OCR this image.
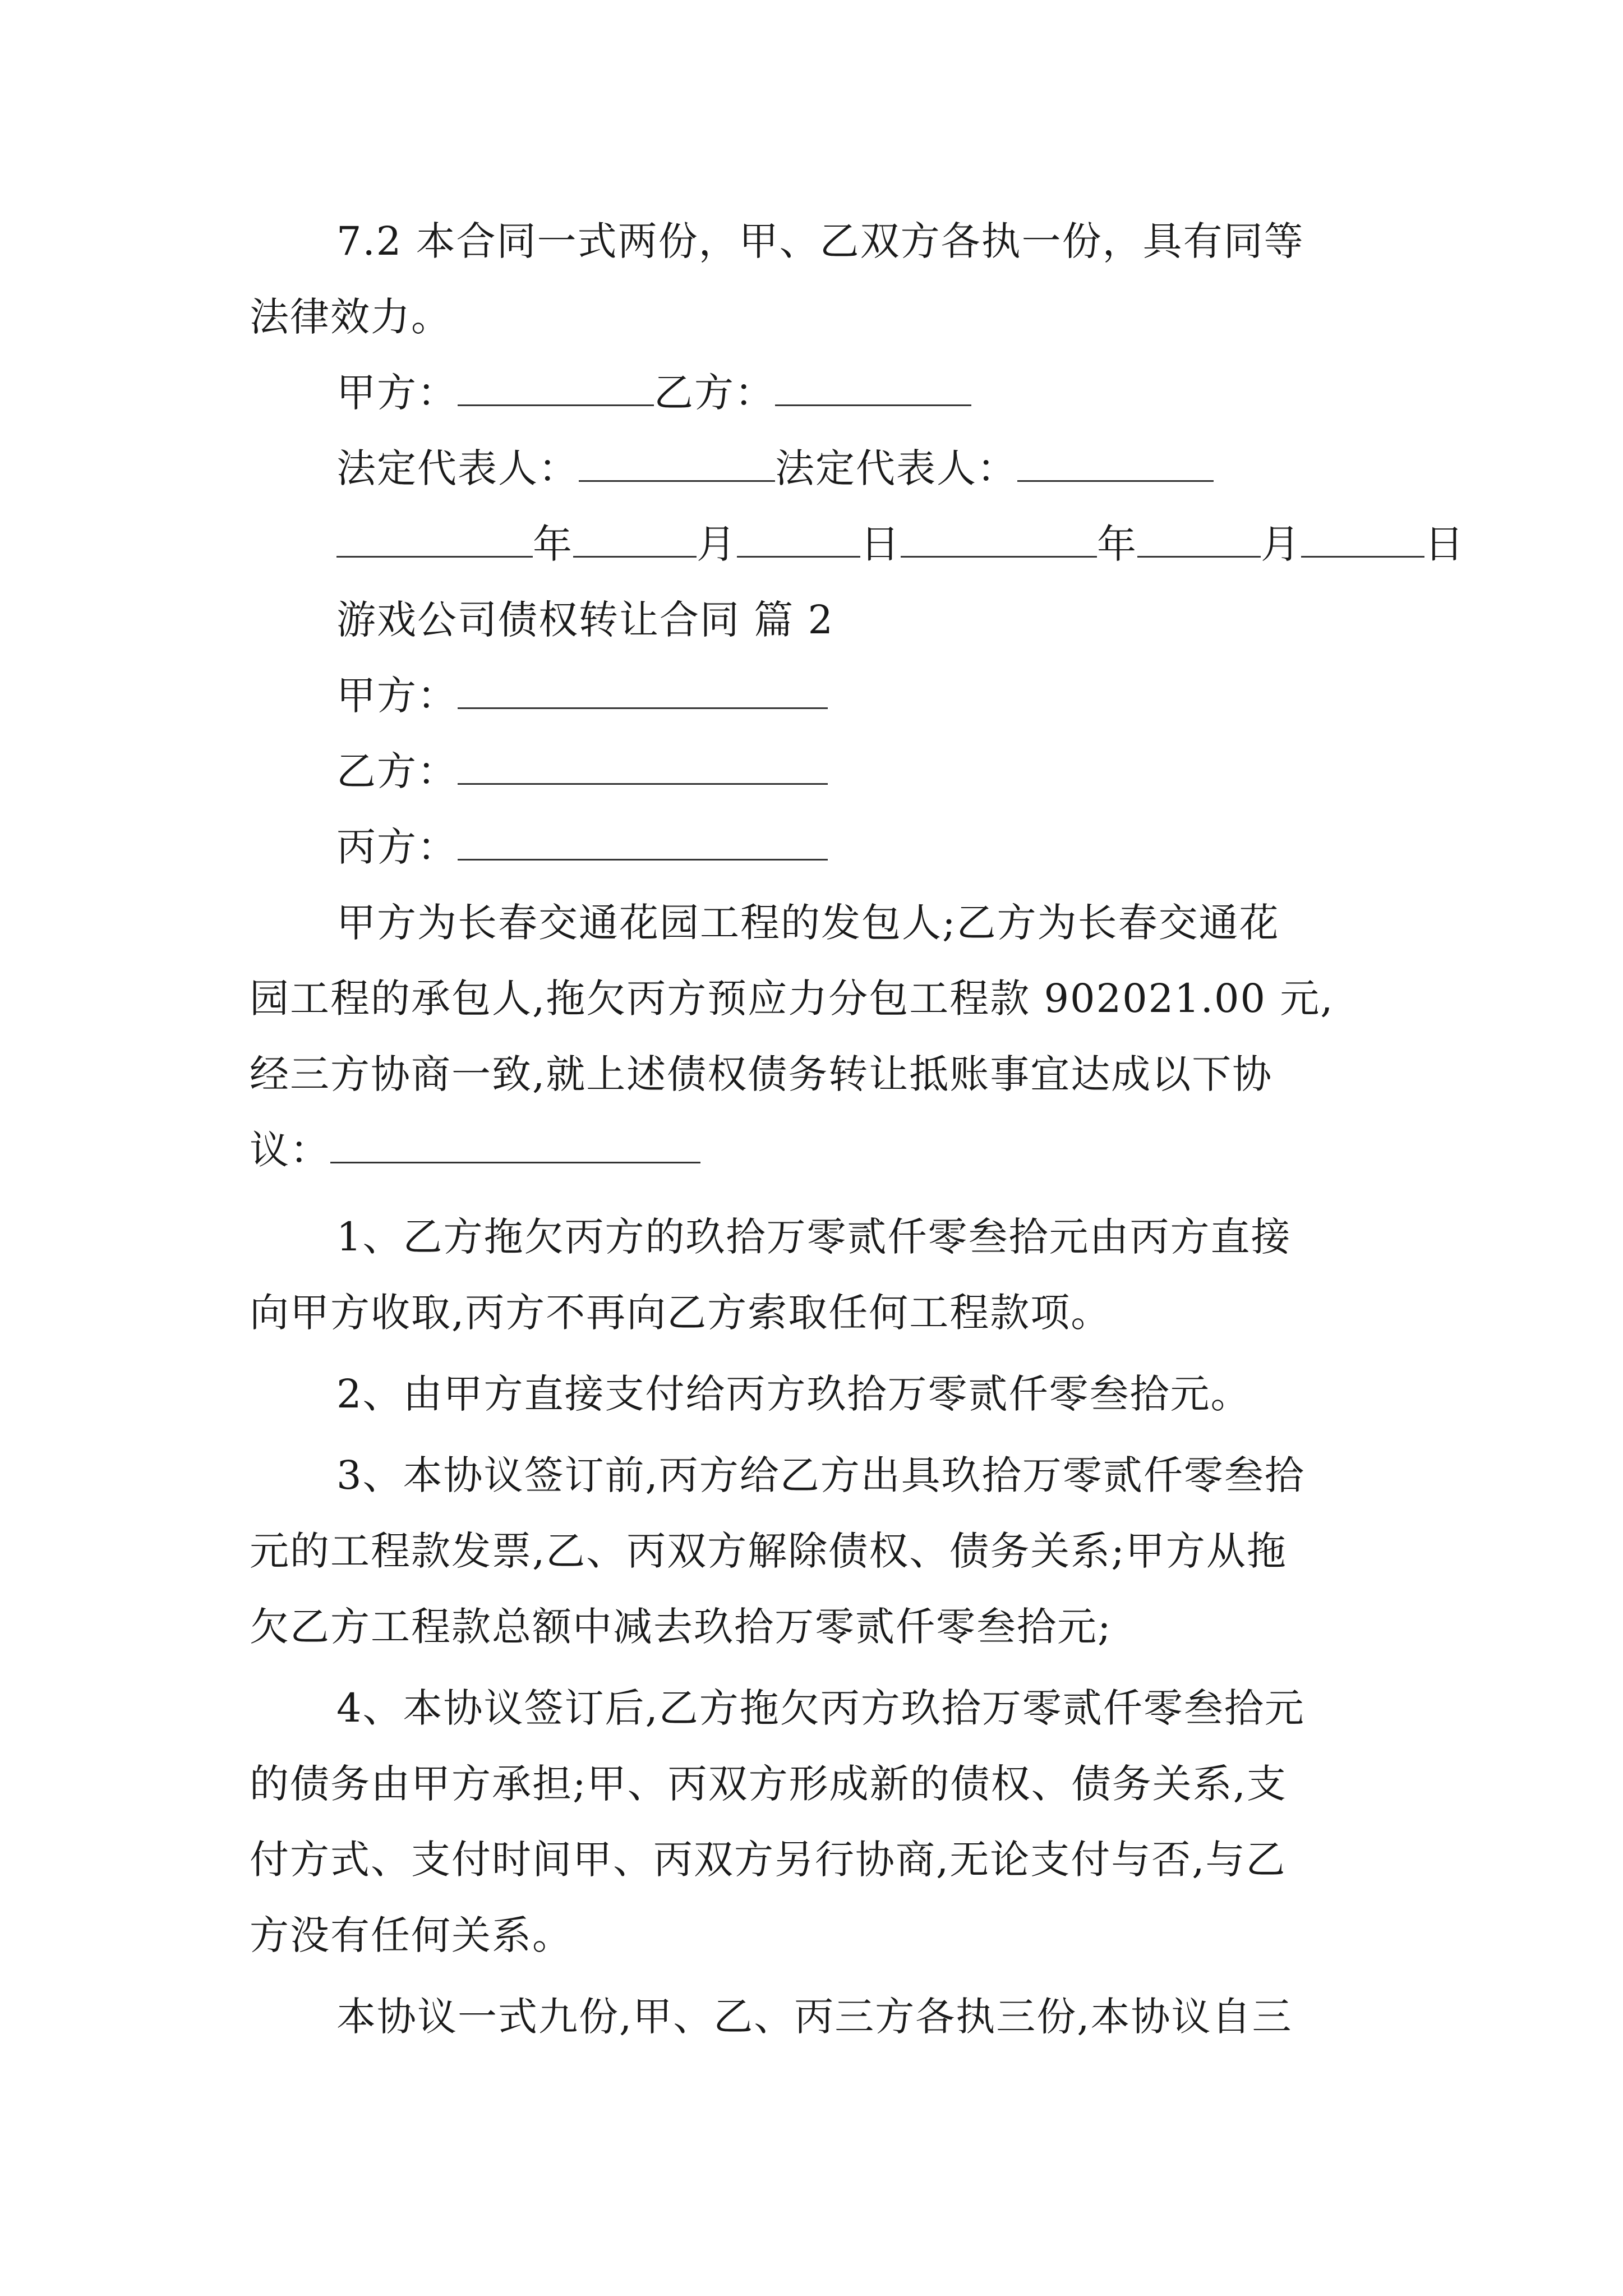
7.2 本合同一式两份，甲、乙双方各执一份，具有同等
法律效力。
甲方：	乙方：
法定代表人：	法定代表人：
年	月	日	年	月	日
游戏公司债权转让合同 篇 2
甲方：
乙方：
丙方：
甲方为长春交通花园工程的发包人;乙方为长春交通花
园工程的承包人,拖欠丙方预应力分包工程款 902021.00 元,
经三方协商一致,就上述债权债务转让抵账事宜达成以下协
议：
1、乙方拖欠丙方的玖拾万零贰仟零叁拾元由丙方直接
向甲方收取,丙方不再向乙方索取任何工程款项。
2、由甲方直接支付给丙方玖拾万零贰仟零叁拾元。
3、本协议签订前,丙方给乙方出具玖拾万零贰仟零叁拾
元的工程款发票,乙、丙双方解除债权、债务关系;甲方从拖
欠乙方工程款总额中减去玖拾万零贰仟零叁拾元;
4、本协议签订后,乙方拖欠丙方玖拾万零贰仟零叁拾元
的债务由甲方承担;甲、丙双方形成新的债权、债务关系,支
付方式、支付时间甲、丙双方另行协商,无论支付与否,与乙
方没有任何关系。
本协议一式九份,甲、乙、丙三方各执三份,本协议自三
